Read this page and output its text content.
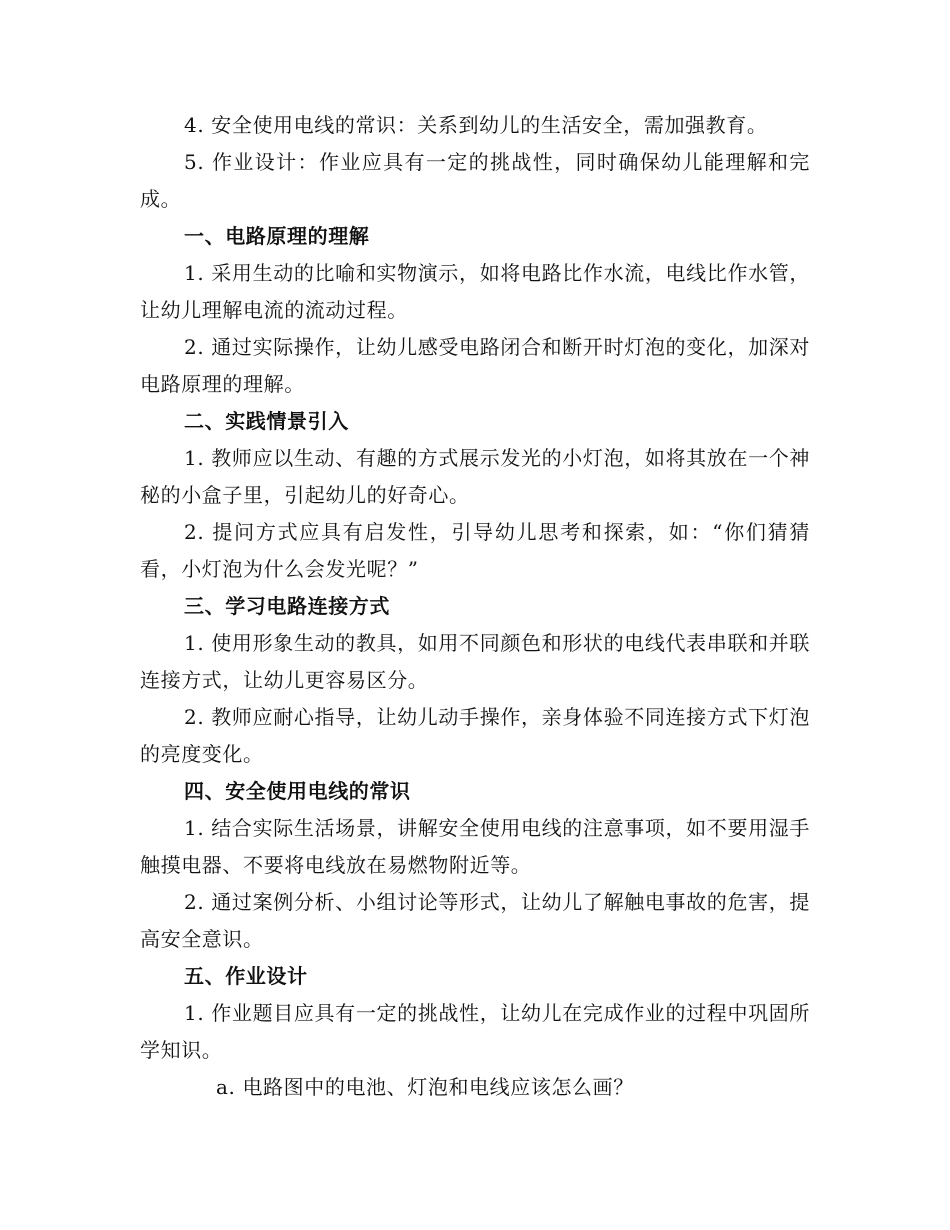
4. 安全使用电线的常识：关系到幼儿的生活安全，需加强教育。

5. 作业设计：作业应具有一定的挑战性，同时确保幼儿能理解和完成。

一、电路原理的理解

1. 采用生动的比喻和实物演示，如将电路比作水流，电线比作水管，让幼儿理解电流的流动过程。

2. 通过实际操作，让幼儿感受电路闭合和断开时灯泡的变化，加深对电路原理的理解。

二、实践情景引入

1. 教师应以生动、有趣的方式展示发光的小灯泡，如将其放在一个神秘的小盒子里，引起幼儿的好奇心。

2. 提问方式应具有启发性，引导幼儿思考和探索，如：“你们猜猜看，小灯泡为什么会发光呢？”

三、学习电路连接方式

1. 使用形象生动的教具，如用不同颜色和形状的电线代表串联和并联连接方式，让幼儿更容易区分。

2. 教师应耐心指导，让幼儿动手操作，亲身体验不同连接方式下灯泡的亮度变化。

四、安全使用电线的常识

1. 结合实际生活场景，讲解安全使用电线的注意事项，如不要用湿手触摸电器、不要将电线放在易燃物附近等。

2. 通过案例分析、小组讨论等形式，让幼儿了解触电事故的危害，提高安全意识。

五、作业设计

1. 作业题目应具有一定的挑战性，让幼儿在完成作业的过程中巩固所学知识。

a. 电路图中的电池、灯泡和电线应该怎么画？
